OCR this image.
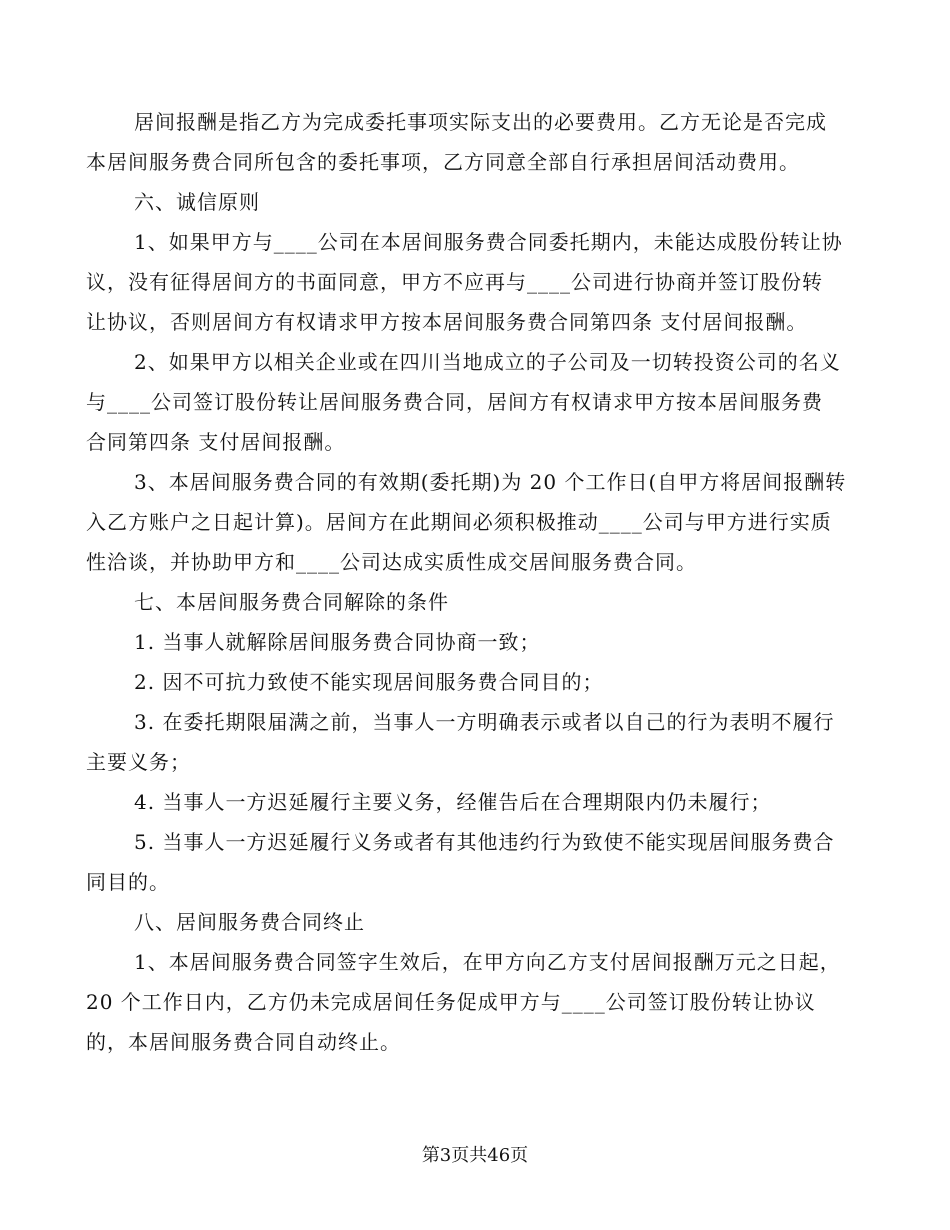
居间报酬是指乙方为完成委托事项实际支出的必要费用。乙方无论是否完成
本居间服务费合同所包含的委托事项，乙方同意全部自行承担居间活动费用。
六、诚信原则
1、如果甲方与____公司在本居间服务费合同委托期内，未能达成股份转让协
议，没有征得居间方的书面同意，甲方不应再与____公司进行协商并签订股份转
让协议，否则居间方有权请求甲方按本居间服务费合同第四条 支付居间报酬。
2、如果甲方以相关企业或在四川当地成立的子公司及一切转投资公司的名义
与____公司签订股份转让居间服务费合同，居间方有权请求甲方按本居间服务费
合同第四条 支付居间报酬。
3、本居间服务费合同的有效期(委托期)为 20 个工作日(自甲方将居间报酬转
入乙方账户之日起计算)。居间方在此期间必须积极推动____公司与甲方进行实质
性洽谈，并协助甲方和____公司达成实质性成交居间服务费合同。
七、本居间服务费合同解除的条件
1. 当事人就解除居间服务费合同协商一致；
2. 因不可抗力致使不能实现居间服务费合同目的；
3. 在委托期限届满之前，当事人一方明确表示或者以自己的行为表明不履行
主要义务；
4. 当事人一方迟延履行主要义务，经催告后在合理期限内仍未履行；
5. 当事人一方迟延履行义务或者有其他违约行为致使不能实现居间服务费合
同目的。
八、居间服务费合同终止
1、本居间服务费合同签字生效后，在甲方向乙方支付居间报酬万元之日起，
20 个工作日内，乙方仍未完成居间任务促成甲方与____公司签订股份转让协议
的，本居间服务费合同自动终止。
第3页共46页
